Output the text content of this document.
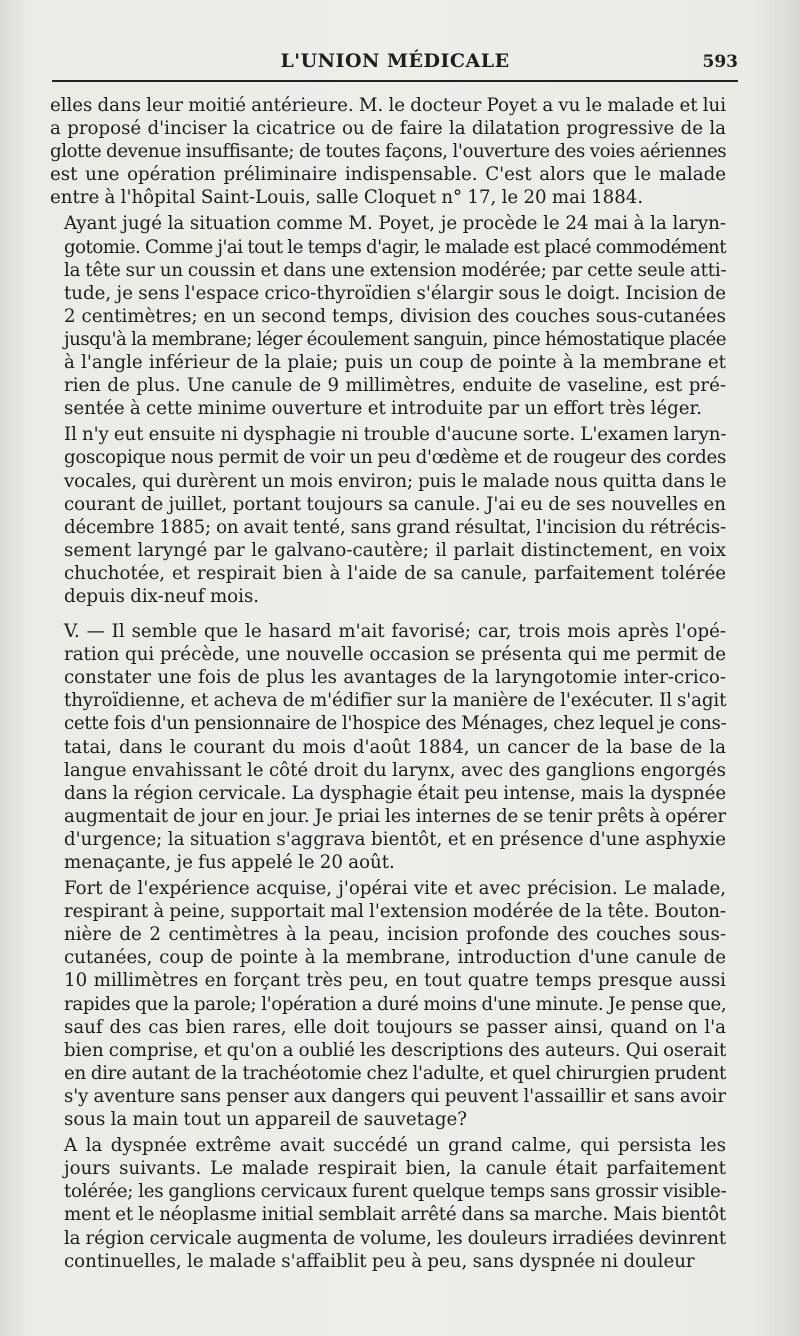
L'UNION MÉDICALE	593

elles dans leur moitié antérieure. M. le docteur Poyet a vu le malade et lui
a proposé d'inciser la cicatrice ou de faire la dilatation progressive de la
glotte devenue insuffisante; de toutes façons, l'ouverture des voies aériennes
est une opération préliminaire indispensable. C'est alors que le malade
entre à l'hôpital Saint-Louis, salle Cloquet n° 17, le 20 mai 1884.

Ayant jugé la situation comme M. Poyet, je procède le 24 mai à la laryn-
gotomie. Comme j'ai tout le temps d'agir, le malade est placé commodément
la tête sur un coussin et dans une extension modérée; par cette seule atti-
tude, je sens l'espace crico-thyroïdien s'élargir sous le doigt. Incision de
2 centimètres; en un second temps, division des couches sous-cutanées
jusqu'à la membrane; léger écoulement sanguin, pince hémostatique placée
à l'angle inférieur de la plaie; puis un coup de pointe à la membrane et
rien de plus. Une canule de 9 millimètres, enduite de vaseline, est pré-
sentée à cette minime ouverture et introduite par un effort très léger.

Il n'y eut ensuite ni dysphagie ni trouble d'aucune sorte. L'examen laryn-
goscopique nous permit de voir un peu d'œdème et de rougeur des cordes
vocales, qui durèrent un mois environ; puis le malade nous quitta dans le
courant de juillet, portant toujours sa canule. J'ai eu de ses nouvelles en
décembre 1885; on avait tenté, sans grand résultat, l'incision du rétrécis-
sement laryngé par le galvano-cautère; il parlait distinctement, en voix
chuchotée, et respirait bien à l'aide de sa canule, parfaitement tolérée
depuis dix-neuf mois.

V. — Il semble que le hasard m'ait favorisé; car, trois mois après l'opé-
ration qui précède, une nouvelle occasion se présenta qui me permit de
constater une fois de plus les avantages de la laryngotomie inter-crico-
thyroïdienne, et acheva de m'édifier sur la manière de l'exécuter. Il s'agit
cette fois d'un pensionnaire de l'hospice des Ménages, chez lequel je cons-
tatai, dans le courant du mois d'août 1884, un cancer de la base de la
langue envahissant le côté droit du larynx, avec des ganglions engorgés
dans la région cervicale. La dysphagie était peu intense, mais la dyspnée
augmentait de jour en jour. Je priai les internes de se tenir prêts à opérer
d'urgence; la situation s'aggrava bientôt, et en présence d'une asphyxie
menaçante, je fus appelé le 20 août.

Fort de l'expérience acquise, j'opérai vite et avec précision. Le malade,
respirant à peine, supportait mal l'extension modérée de la tête. Bouton-
nière de 2 centimètres à la peau, incision profonde des couches sous-
cutanées, coup de pointe à la membrane, introduction d'une canule de
10 millimètres en forçant très peu, en tout quatre temps presque aussi
rapides que la parole; l'opération a duré moins d'une minute. Je pense que,
sauf des cas bien rares, elle doit toujours se passer ainsi, quand on l'a
bien comprise, et qu'on a oublié les descriptions des auteurs. Qui oserait
en dire autant de la trachéotomie chez l'adulte, et quel chirurgien prudent
s'y aventure sans penser aux dangers qui peuvent l'assaillir et sans avoir
sous la main tout un appareil de sauvetage?

A la dyspnée extrême avait succédé un grand calme, qui persista les
jours suivants. Le malade respirait bien, la canule était parfaitement
tolérée; les ganglions cervicaux furent quelque temps sans grossir visible-
ment et le néoplasme initial semblait arrêté dans sa marche. Mais bientôt
la région cervicale augmenta de volume, les douleurs irradiées devinrent
continuelles, le malade s'affaiblit peu à peu, sans dyspnée ni douleur
